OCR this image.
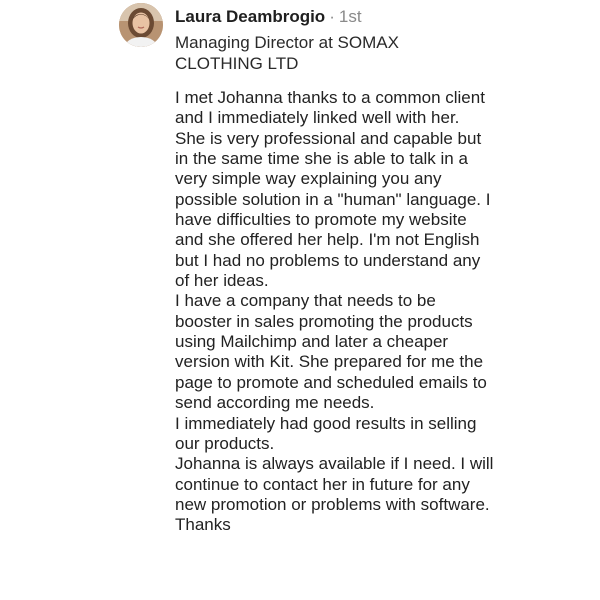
Laura Deambrogio · 1st
Managing Director at SOMAX CLOTHING LTD

I met Johanna thanks to a common client and I immediately linked well with her.

She is very professional and capable but in the same time she is able to talk in a very simple way explaining you any possible solution in a "human" language. I have difficulties to promote my website and she offered her help. I'm not English but I had no problems to understand any of her ideas.

I have a company that needs to be booster in sales promoting the products using Mailchimp and later a cheaper version with Kit. She prepared for me the page to promote and scheduled emails to send according me needs.

I immediately had good results in selling our products.

Johanna is always available if I need. I will continue to contact her in future for any new promotion or problems with software. Thanks
